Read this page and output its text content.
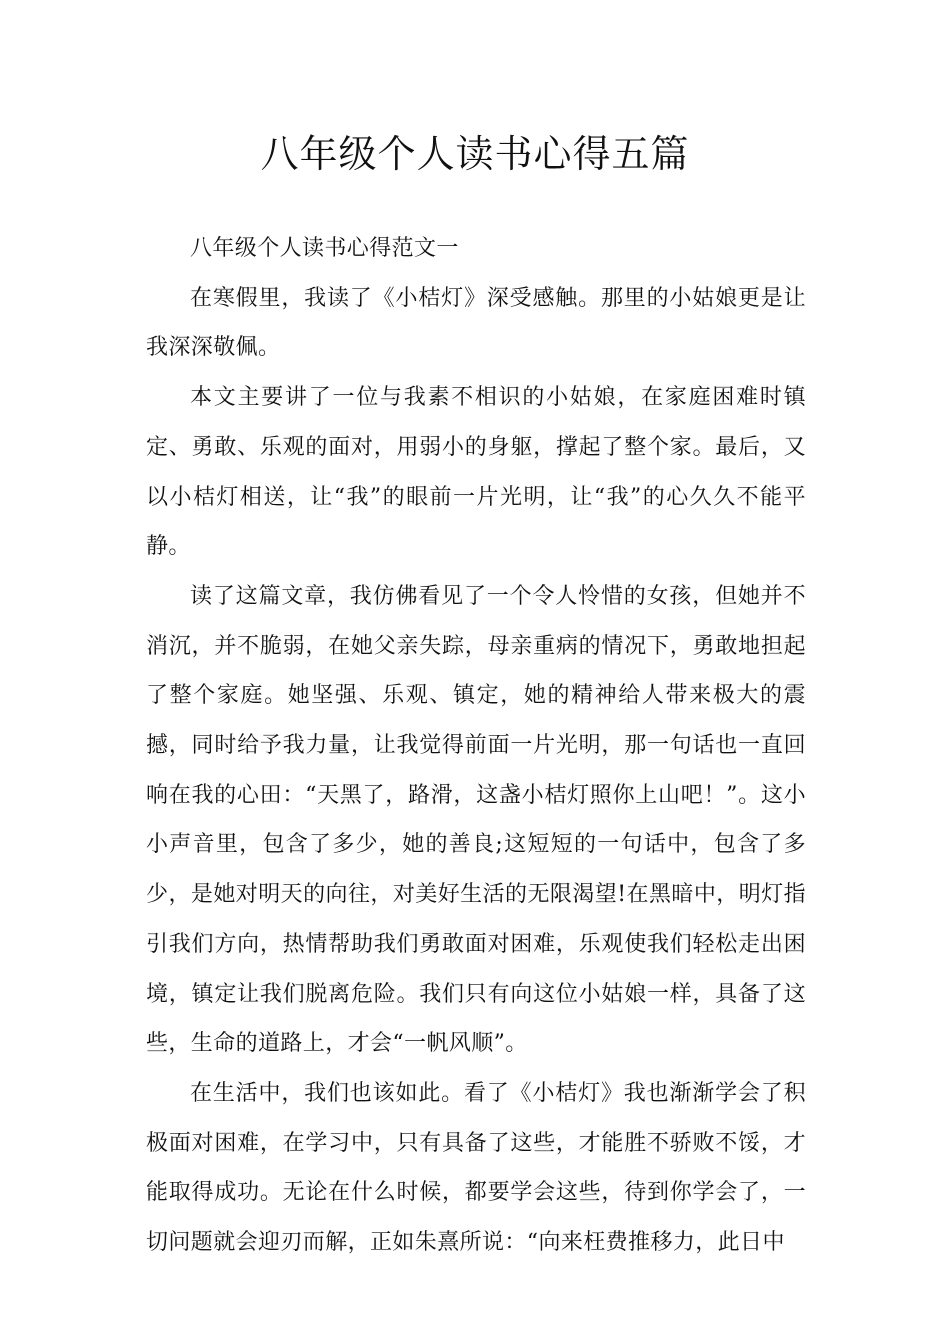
八年级个人读书心得五篇

八年级个人读书心得范文一

在寒假里，我读了《小桔灯》深受感触。那里的小姑娘更是让我深深敬佩。

本文主要讲了一位与我素不相识的小姑娘，在家庭困难时镇定、勇敢、乐观的面对，用弱小的身躯，撑起了整个家。最后，又以小桔灯相送，让“我”的眼前一片光明，让“我”的心久久不能平静。

读了这篇文章，我仿佛看见了一个令人怜惜的女孩，但她并不消沉，并不脆弱，在她父亲失踪，母亲重病的情况下，勇敢地担起了整个家庭。她坚强、乐观、镇定，她的精神给人带来极大的震撼，同时给予我力量，让我觉得前面一片光明，那一句话也一直回响在我的心田：“天黑了，路滑，这盏小桔灯照你上山吧！”。这小小声音里，包含了多少，她的善良;这短短的一句话中，包含了多少，是她对明天的向往，对美好生活的无限渴望!在黑暗中，明灯指引我们方向，热情帮助我们勇敢面对困难，乐观使我们轻松走出困境，镇定让我们脱离危险。我们只有向这位小姑娘一样，具备了这些，生命的道路上，才会“一帆风顺”。

在生活中，我们也该如此。看了《小桔灯》我也渐渐学会了积极面对困难，在学习中，只有具备了这些，才能胜不骄败不馁，才能取得成功。无论在什么时候，都要学会这些，待到你学会了，一切问题就会迎刃而解，正如朱熹所说：“向来枉费推移力，此日中
